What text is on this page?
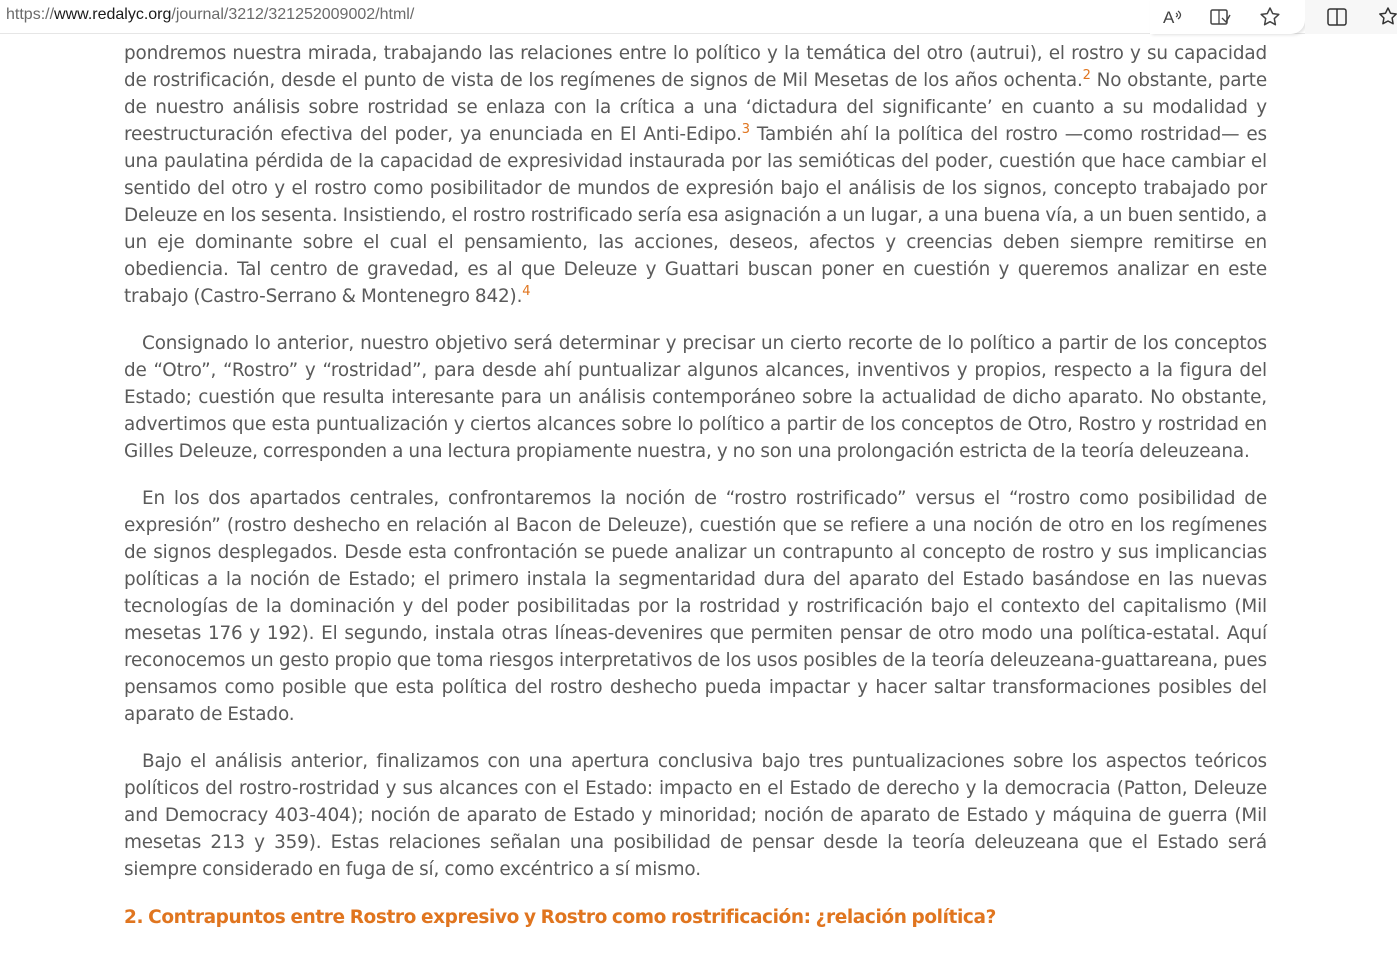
https://www.redalyc.org/journal/3212/321252009002/html/	A

pondremos nuestra mirada, trabajando las relaciones entre lo político y la temática del otro (autrui), el rostro y su capacidad de rostrificación, desde el punto de vista de los regímenes de signos de Mil Mesetas de los años ochenta.$^2$ No obstante, parte de nuestro análisis sobre rostridad se enlaza con la crítica a una ‘dictadura del significante’ en cuanto a su modalidad y reestructuración efectiva del poder, ya enunciada en El Anti-Edipo.$^3$ También ahí la política del rostro —como rostridad— es una paulatina pérdida de la capacidad de expresividad instaurada por las semióticas del poder, cuestión que hace cambiar el sentido del otro y el rostro como posibilitador de mundos de expresión bajo el análisis de los signos, concepto trabajado por Deleuze en los sesenta. Insistiendo, el rostro rostrificado sería esa asignación a un lugar, a una buena vía, a un buen sentido, a un eje dominante sobre el cual el pensamiento, las acciones, deseos, afectos y creencias deben siempre remitirse en obediencia. Tal centro de gravedad, es al que Deleuze y Guattari buscan poner en cuestión y queremos analizar en este trabajo (Castro-Serrano & Montenegro 842).$^4$

Consignado lo anterior, nuestro objetivo será determinar y precisar un cierto recorte de lo político a partir de los conceptos de “Otro”, “Rostro” y “rostridad”, para desde ahí puntualizar algunos alcances, inventivos y propios, respecto a la figura del Estado; cuestión que resulta interesante para un análisis contemporáneo sobre la actualidad de dicho aparato. No obstante, advertimos que esta puntualización y ciertos alcances sobre lo político a partir de los conceptos de Otro, Rostro y rostridad en Gilles Deleuze, corresponden a una lectura propiamente nuestra, y no son una prolongación estricta de la teoría deleuzeana.

En los dos apartados centrales, confrontaremos la noción de “rostro rostrificado” versus el “rostro como posibilidad de expresión” (rostro deshecho en relación al Bacon de Deleuze), cuestión que se refiere a una noción de otro en los regímenes de signos desplegados. Desde esta confrontación se puede analizar un contrapunto al concepto de rostro y sus implicancias políticas a la noción de Estado; el primero instala la segmentaridad dura del aparato del Estado basándose en las nuevas tecnologías de la dominación y del poder posibilitadas por la rostridad y rostrificación bajo el contexto del capitalismo (Mil mesetas 176 y 192). El segundo, instala otras líneas-devenires que permiten pensar de otro modo una política-estatal. Aquí reconocemos un gesto propio que toma riesgos interpretativos de los usos posibles de la teoría deleuzeana-guattareana, pues pensamos como posible que esta política del rostro deshecho pueda impactar y hacer saltar transformaciones posibles del aparato de Estado.

Bajo el análisis anterior, finalizamos con una apertura conclusiva bajo tres puntualizaciones sobre los aspectos teóricos políticos del rostro-rostridad y sus alcances con el Estado: impacto en el Estado de derecho y la democracia (Patton, Deleuze and Democracy 403-404); noción de aparato de Estado y minoridad; noción de aparato de Estado y máquina de guerra (Mil mesetas 213 y 359). Estas relaciones señalan una posibilidad de pensar desde la teoría deleuzeana que el Estado será siempre considerado en fuga de sí, como excéntrico a sí mismo.

2. Contrapuntos entre Rostro expresivo y Rostro como rostrificación: ¿relación política?
